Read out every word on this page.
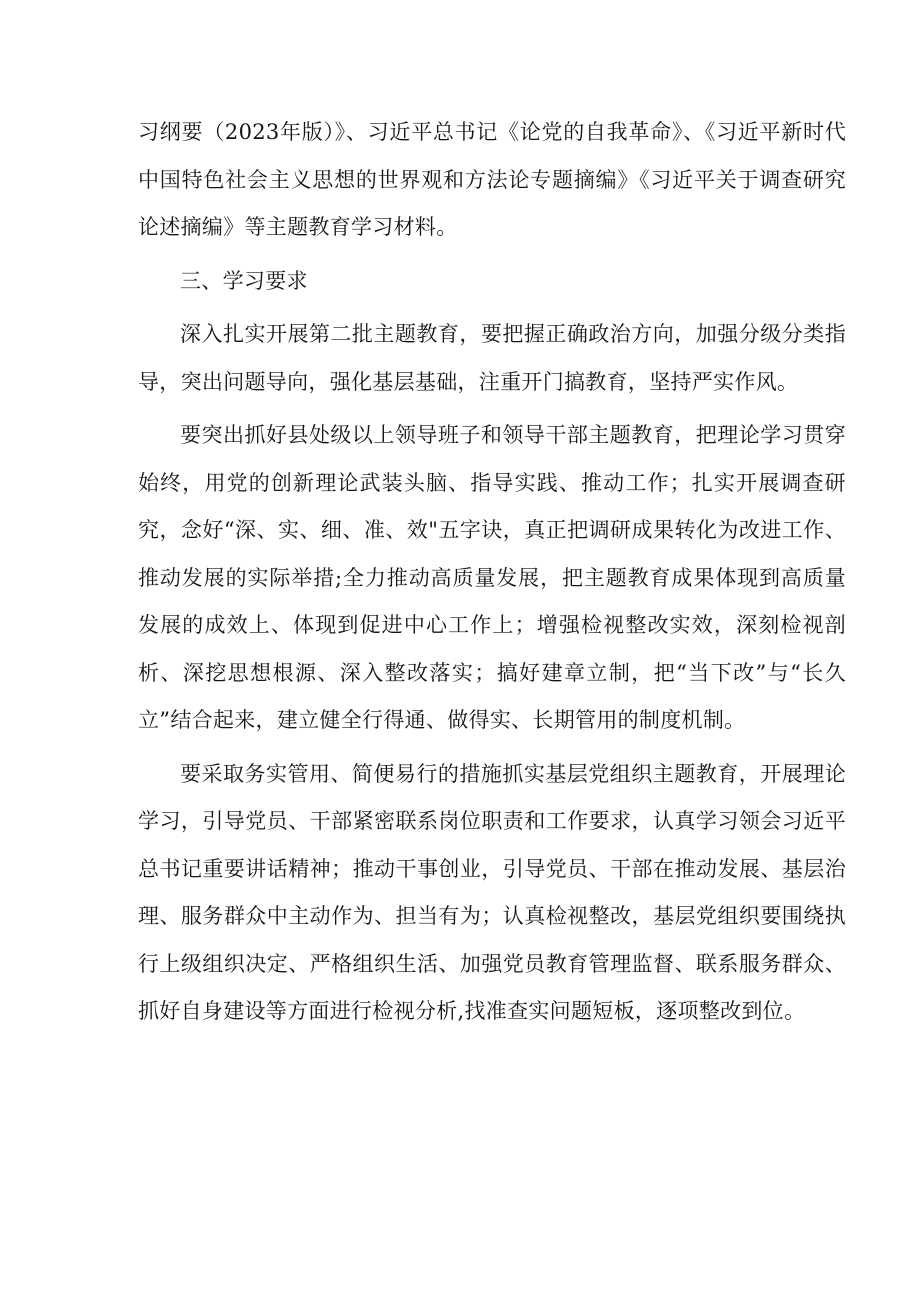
习纲要（2023年版）》、习近平总书记《论党的自我革命》、《习近平新时代中国特色社会主义思想的世界观和方法论专题摘编》《习近平关于调查研究论述摘编》等主题教育学习材料。

三、学习要求

深入扎实开展第二批主题教育，要把握正确政治方向，加强分级分类指导，突出问题导向，强化基层基础，注重开门搞教育，坚持严实作风。

要突出抓好县处级以上领导班子和领导干部主题教育，把理论学习贯穿始终，用党的创新理论武装头脑、指导实践、推动工作；扎实开展调查研究，念好“深、实、细、准、效"五字诀，真正把调研成果转化为改进工作、推动发展的实际举措;全力推动高质量发展，把主题教育成果体现到高质量发展的成效上、体现到促进中心工作上；增强检视整改实效，深刻检视剖析、深挖思想根源、深入整改落实；搞好建章立制，把“当下改”与“长久立”结合起来，建立健全行得通、做得实、长期管用的制度机制。

要采取务实管用、简便易行的措施抓实基层党组织主题教育，开展理论学习，引导党员、干部紧密联系岗位职责和工作要求，认真学习领会习近平总书记重要讲话精神；推动干事创业，引导党员、干部在推动发展、基层治理、服务群众中主动作为、担当有为；认真检视整改，基层党组织要围绕执行上级组织决定、严格组织生活、加强党员教育管理监督、联系服务群众、抓好自身建设等方面进行检视分析,找准查实问题短板，逐项整改到位。
